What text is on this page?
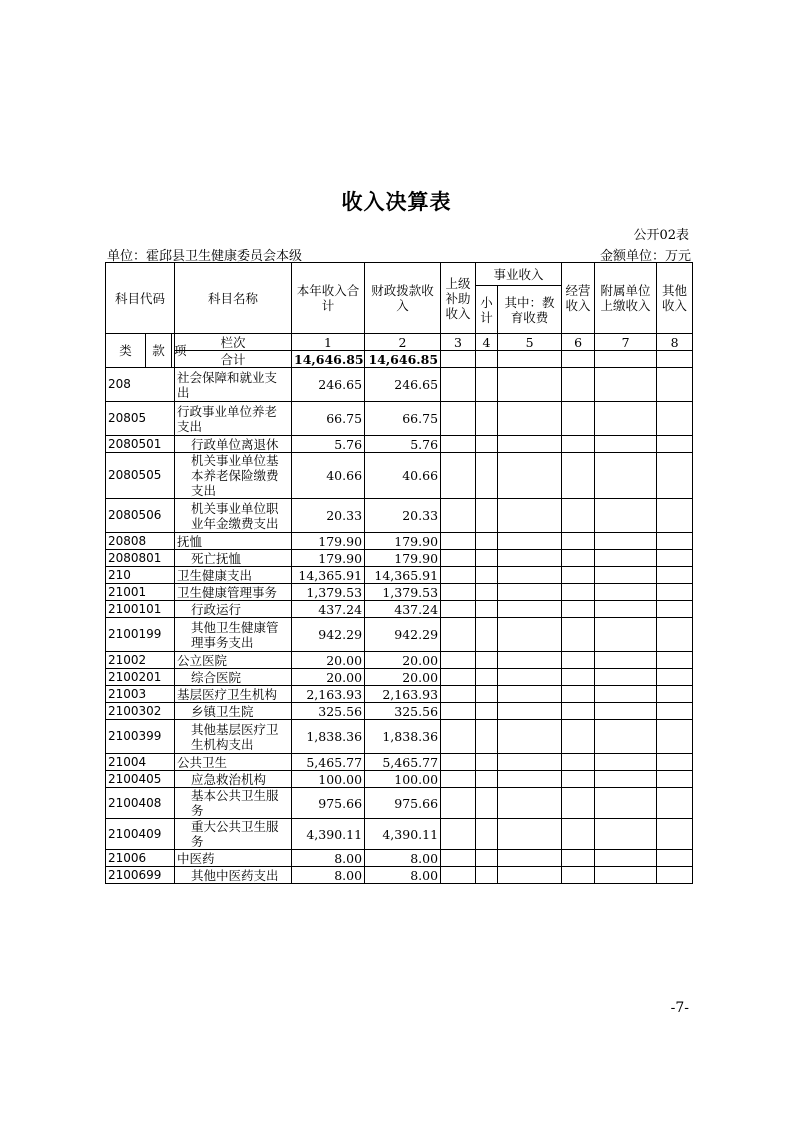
收入决算表
公开02表
单位：霍邱县卫生健康委员会本级	金额单位：万元
科目代码			科目名称	本年收入合计	财政拨款收入	上级补助收入	事业收入		经营收入	附属单位上缴收入	其他收入
							小计	其中：教育收费			

类	款	项	栏次	1	2	3	4	5	6	7	8
			合计	14,646.85	14,646.85						
208			社会保障和就业支出	246.65	246.65						
20805			行政事业单位养老支出	66.75	66.75						
2080501			行政单位离退休	5.76	5.76						
2080505			机关事业单位基本养老保险缴费支出	40.66	40.66						
2080506			机关事业单位职业年金缴费支出	20.33	20.33						
20808			抚恤	179.90	179.90						
2080801			死亡抚恤	179.90	179.90						
210			卫生健康支出	14,365.91	14,365.91						
21001			卫生健康管理事务	1,379.53	1,379.53						
2100101			行政运行	437.24	437.24						
2100199			其他卫生健康管理事务支出	942.29	942.29						
21002			公立医院	20.00	20.00						
2100201			综合医院	20.00	20.00						
21003			基层医疗卫生机构	2,163.93	2,163.93						
2100302			乡镇卫生院	325.56	325.56						
2100399			其他基层医疗卫生机构支出	1,838.36	1,838.36						
21004			公共卫生	5,465.77	5,465.77						
2100405			应急救治机构	100.00	100.00						
2100408			基本公共卫生服务	975.66	975.66						
2100409			重大公共卫生服务	4,390.11	4,390.11						
21006			中医药	8.00	8.00						
2100699			其他中医药支出	8.00	8.00						
-7-
